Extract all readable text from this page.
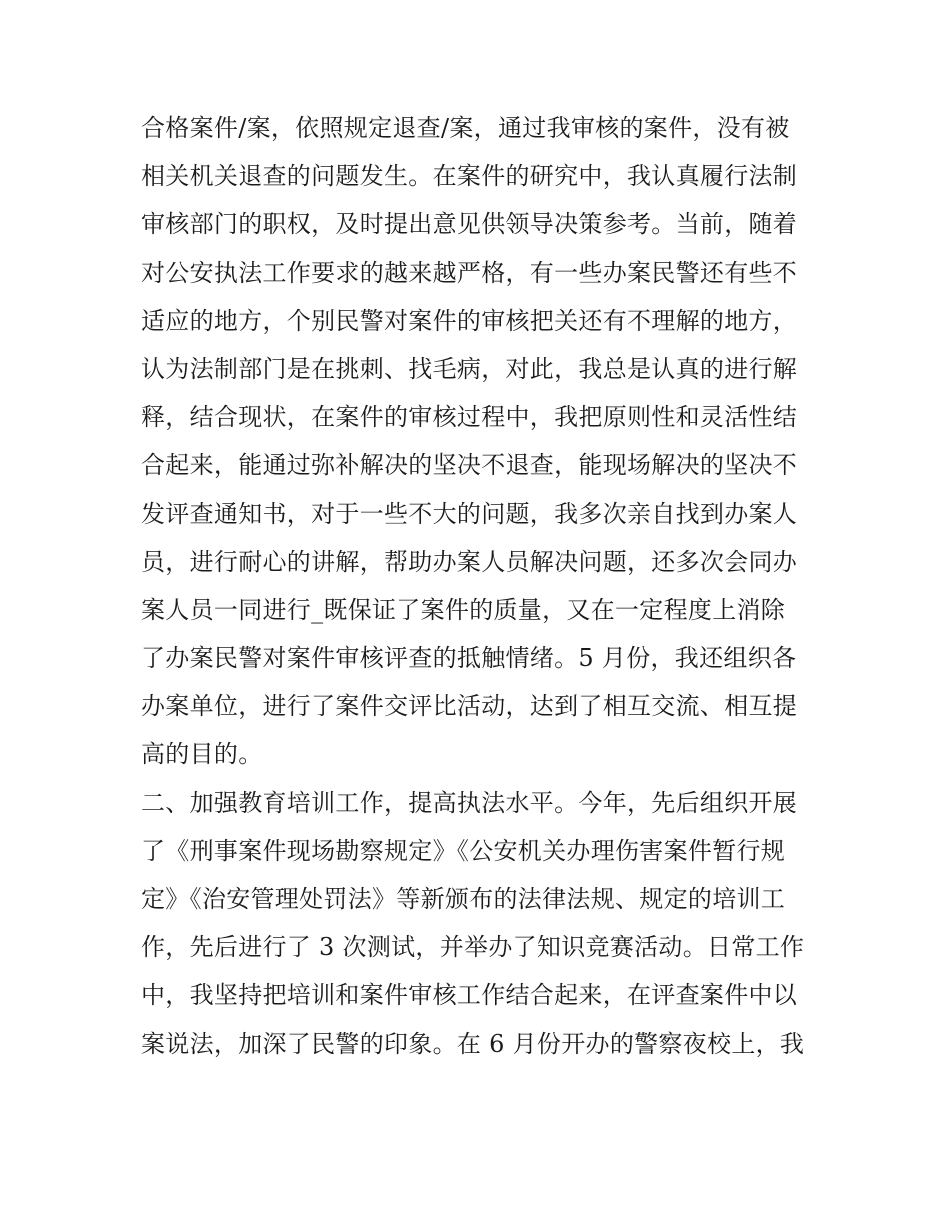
合格案件/案，依照规定退查/案，通过我审核的案件，没有被
相关机关退查的问题发生。在案件的研究中，我认真履行法制
审核部门的职权，及时提出意见供领导决策参考。当前，随着
对公安执法工作要求的越来越严格，有一些办案民警还有些不
适应的地方，个别民警对案件的审核把关还有不理解的地方，
认为法制部门是在挑刺、找毛病，对此，我总是认真的进行解
释，结合现状，在案件的审核过程中，我把原则性和灵活性结
合起来，能通过弥补解决的坚决不退查，能现场解决的坚决不
发评查通知书，对于一些不大的问题，我多次亲自找到办案人
员，进行耐心的讲解，帮助办案人员解决问题，还多次会同办
案人员一同进行_既保证了案件的质量，又在一定程度上消除
了办案民警对案件审核评查的抵触情绪。5 月份，我还组织各
办案单位，进行了案件交评比活动，达到了相互交流、相互提
高的目的。
二、加强教育培训工作，提高执法水平。今年，先后组织开展
了《刑事案件现场勘察规定》《公安机关办理伤害案件暂行规
定》《治安管理处罚法》等新颁布的法律法规、规定的培训工
作，先后进行了 3 次测试，并举办了知识竞赛活动。日常工作
中，我坚持把培训和案件审核工作结合起来，在评查案件中以
案说法，加深了民警的印象。在 6 月份开办的警察夜校上，我
